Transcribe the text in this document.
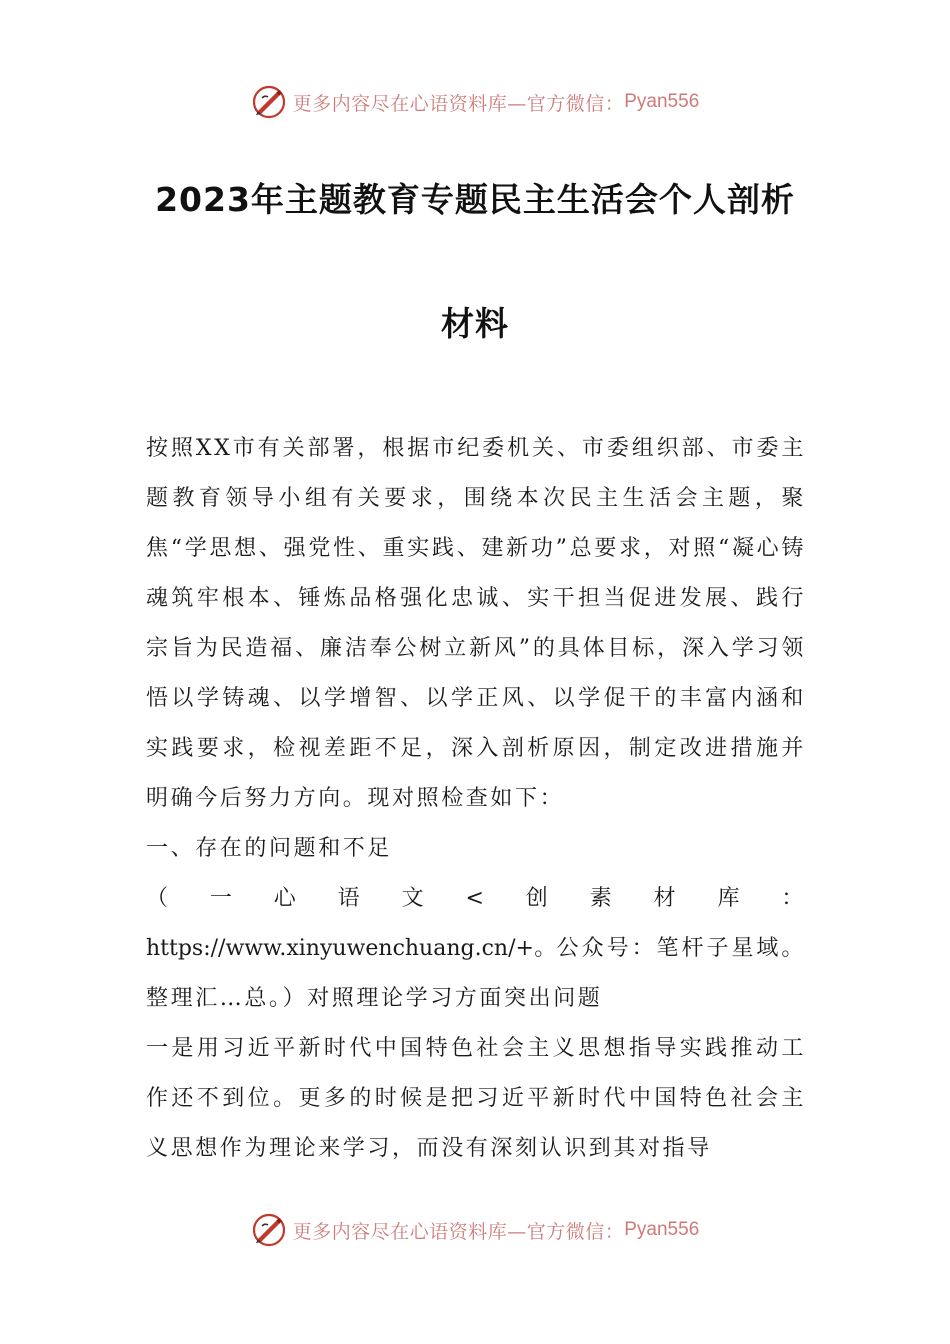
更多内容尽在心语资料库— 官方微信： Pyan556
2023年主题教育专题民主生活会个人剖析
材料

按照XX市有关部署，根据市纪委机关、市委组织部、市委主题教育领导小组有关要求，围绕本次民主生活会主题，聚焦“学思想、强党性、重实践、建新功”总要求，对照“凝心铸魂筑牢根本、锤炼品格强化忠诚、实干担当促进发展、践行宗旨为民造福、廉洁奉公树立新风”的具体目标，深入学习领悟以学铸魂、以学增智、以学正风、以学促干的丰富内涵和实践要求，检视差距不足，深入剖析原因，制定改进措施并明确今后努力方向。现对照检查如下：

一、存在的问题和不足

（一心语文<创素材库：https://www.xinyuwenchuang.cn/+。公众号：笔杆子星域。整理汇…总。）对照理论学习方面突出问题

一是用习近平新时代中国特色社会主义思想指导实践推动工作还不到位。更多的时候是把习近平新时代中国特色社会主义思想作为理论来学习，而没有深刻认识到其对指导

更多内容尽在心语资料库— 官方微信： Pyan556
